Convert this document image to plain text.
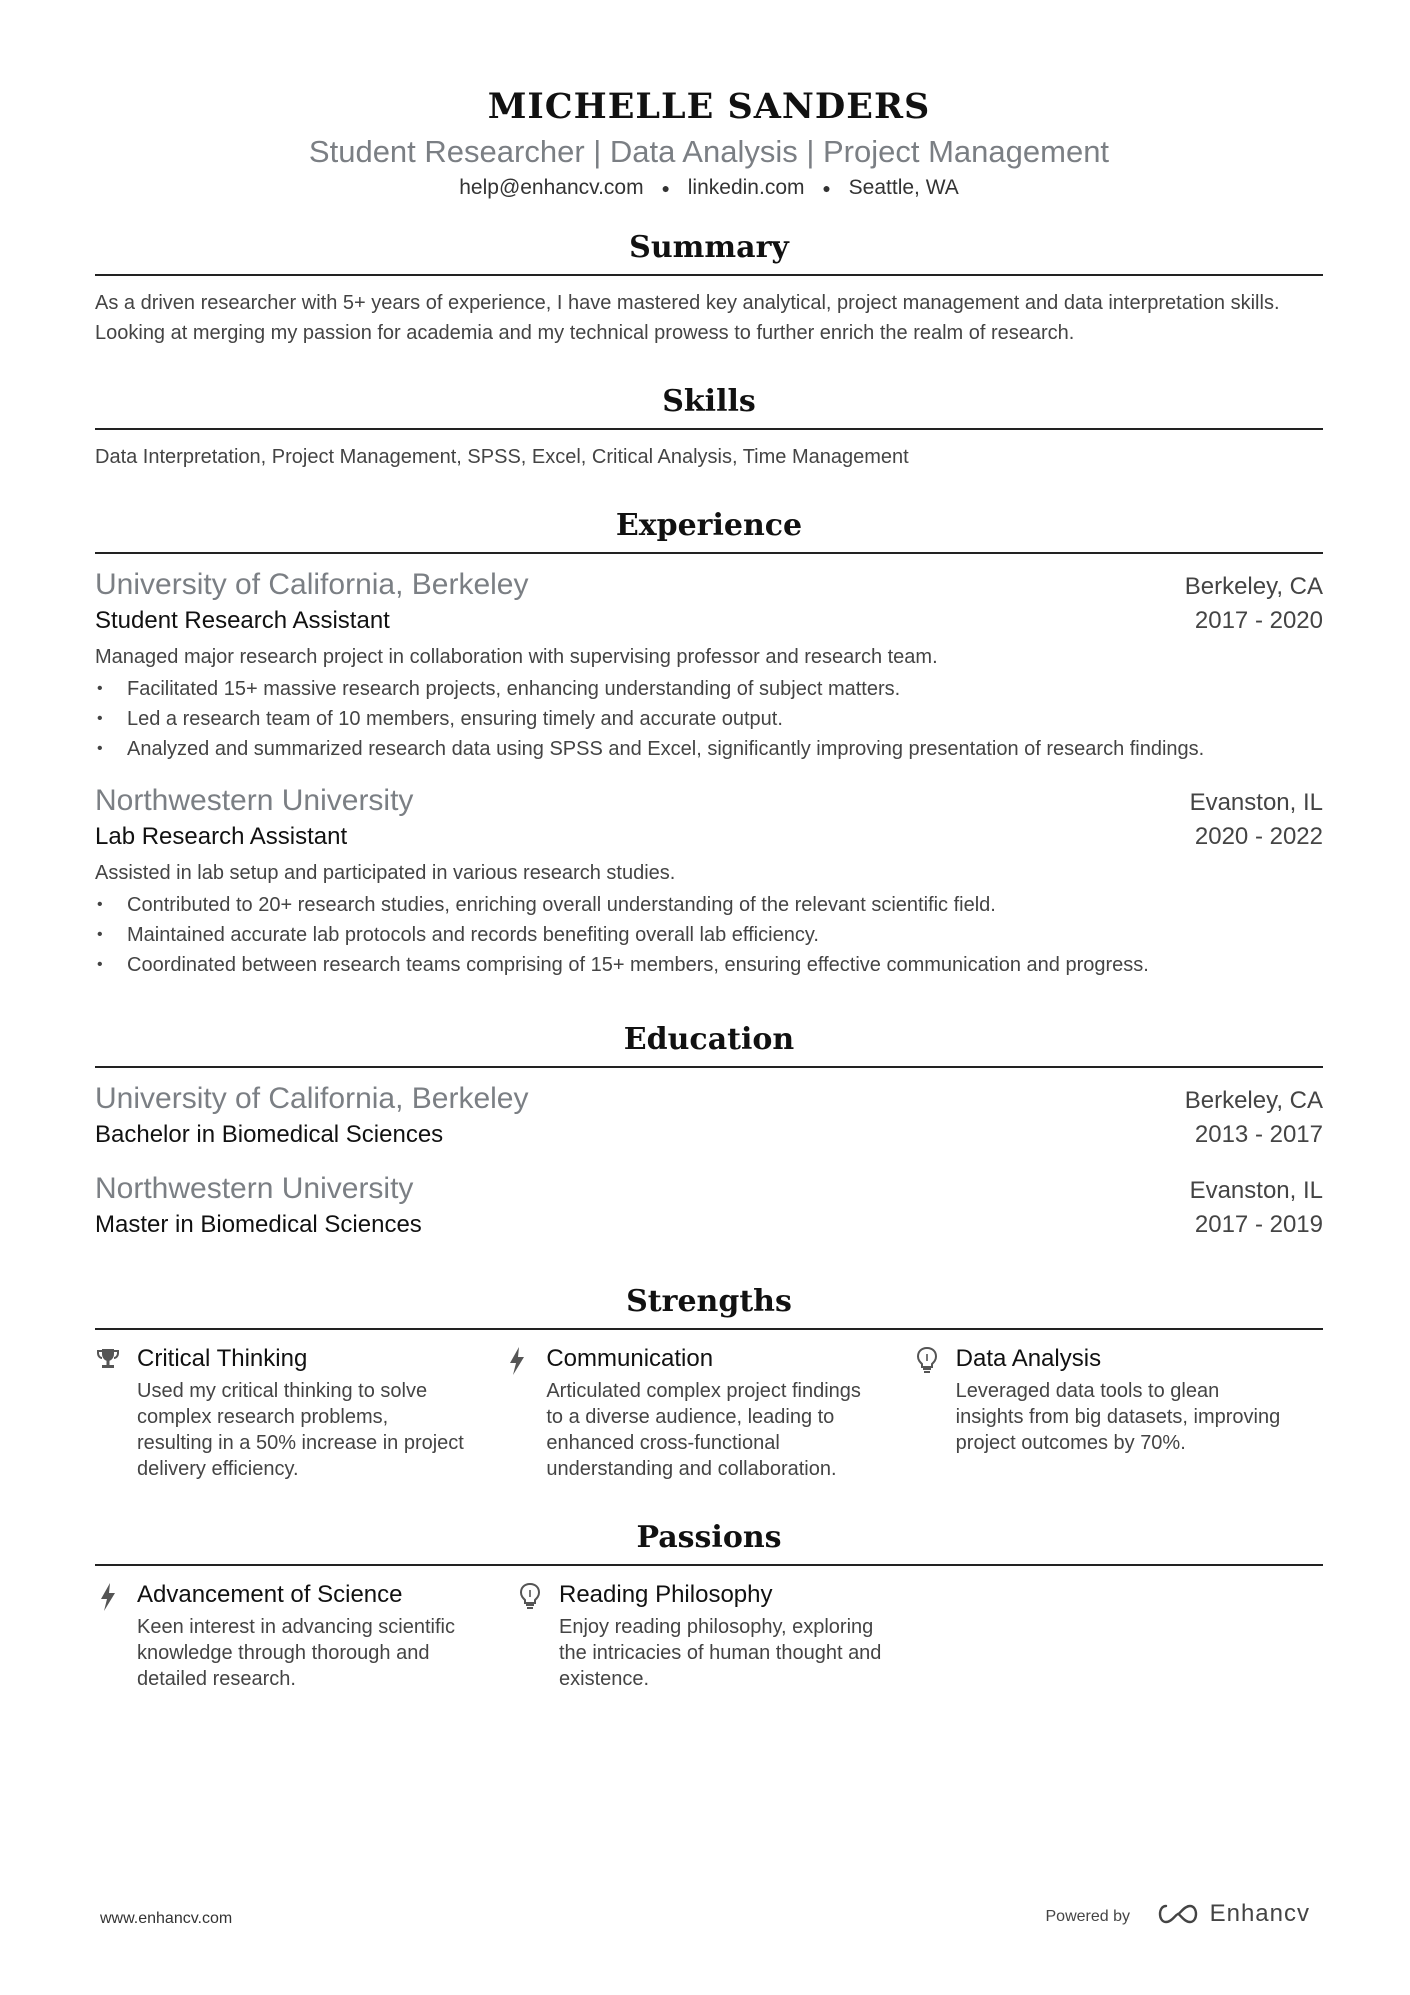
MICHELLE SANDERS
Student Researcher | Data Analysis | Project Management
help@enhancv.com ● linkedin.com ● Seattle, WA
Summary
As a driven researcher with 5+ years of experience, I have mastered key analytical, project management and data interpretation skills. Looking at merging my passion for academia and my technical prowess to further enrich the realm of research.
Skills
Data Interpretation, Project Management, SPSS, Excel, Critical Analysis, Time Management
Experience
University of California, Berkeley	Berkeley, CA
Student Research Assistant	2017 - 2020
Managed major research project in collaboration with supervising professor and research team.
• Facilitated 15+ massive research projects, enhancing understanding of subject matters.
• Led a research team of 10 members, ensuring timely and accurate output.
• Analyzed and summarized research data using SPSS and Excel, significantly improving presentation of research findings.
Northwestern University	Evanston, IL
Lab Research Assistant	2020 - 2022
Assisted in lab setup and participated in various research studies.
• Contributed to 20+ research studies, enriching overall understanding of the relevant scientific field.
• Maintained accurate lab protocols and records benefiting overall lab efficiency.
• Coordinated between research teams comprising of 15+ members, ensuring effective communication and progress.
Education
University of California, Berkeley	Berkeley, CA
Bachelor in Biomedical Sciences	2013 - 2017
Northwestern University	Evanston, IL
Master in Biomedical Sciences	2017 - 2019
Strengths
Critical Thinking
Used my critical thinking to solve complex research problems, resulting in a 50% increase in project delivery efficiency.
Communication
Articulated complex project findings to a diverse audience, leading to enhanced cross-functional understanding and collaboration.
Data Analysis
Leveraged data tools to glean insights from big datasets, improving project outcomes by 70%.
Passions
Advancement of Science
Keen interest in advancing scientific knowledge through thorough and detailed research.
Reading Philosophy
Enjoy reading philosophy, exploring the intricacies of human thought and existence.
www.enhancv.com	Powered by	Enhancv
